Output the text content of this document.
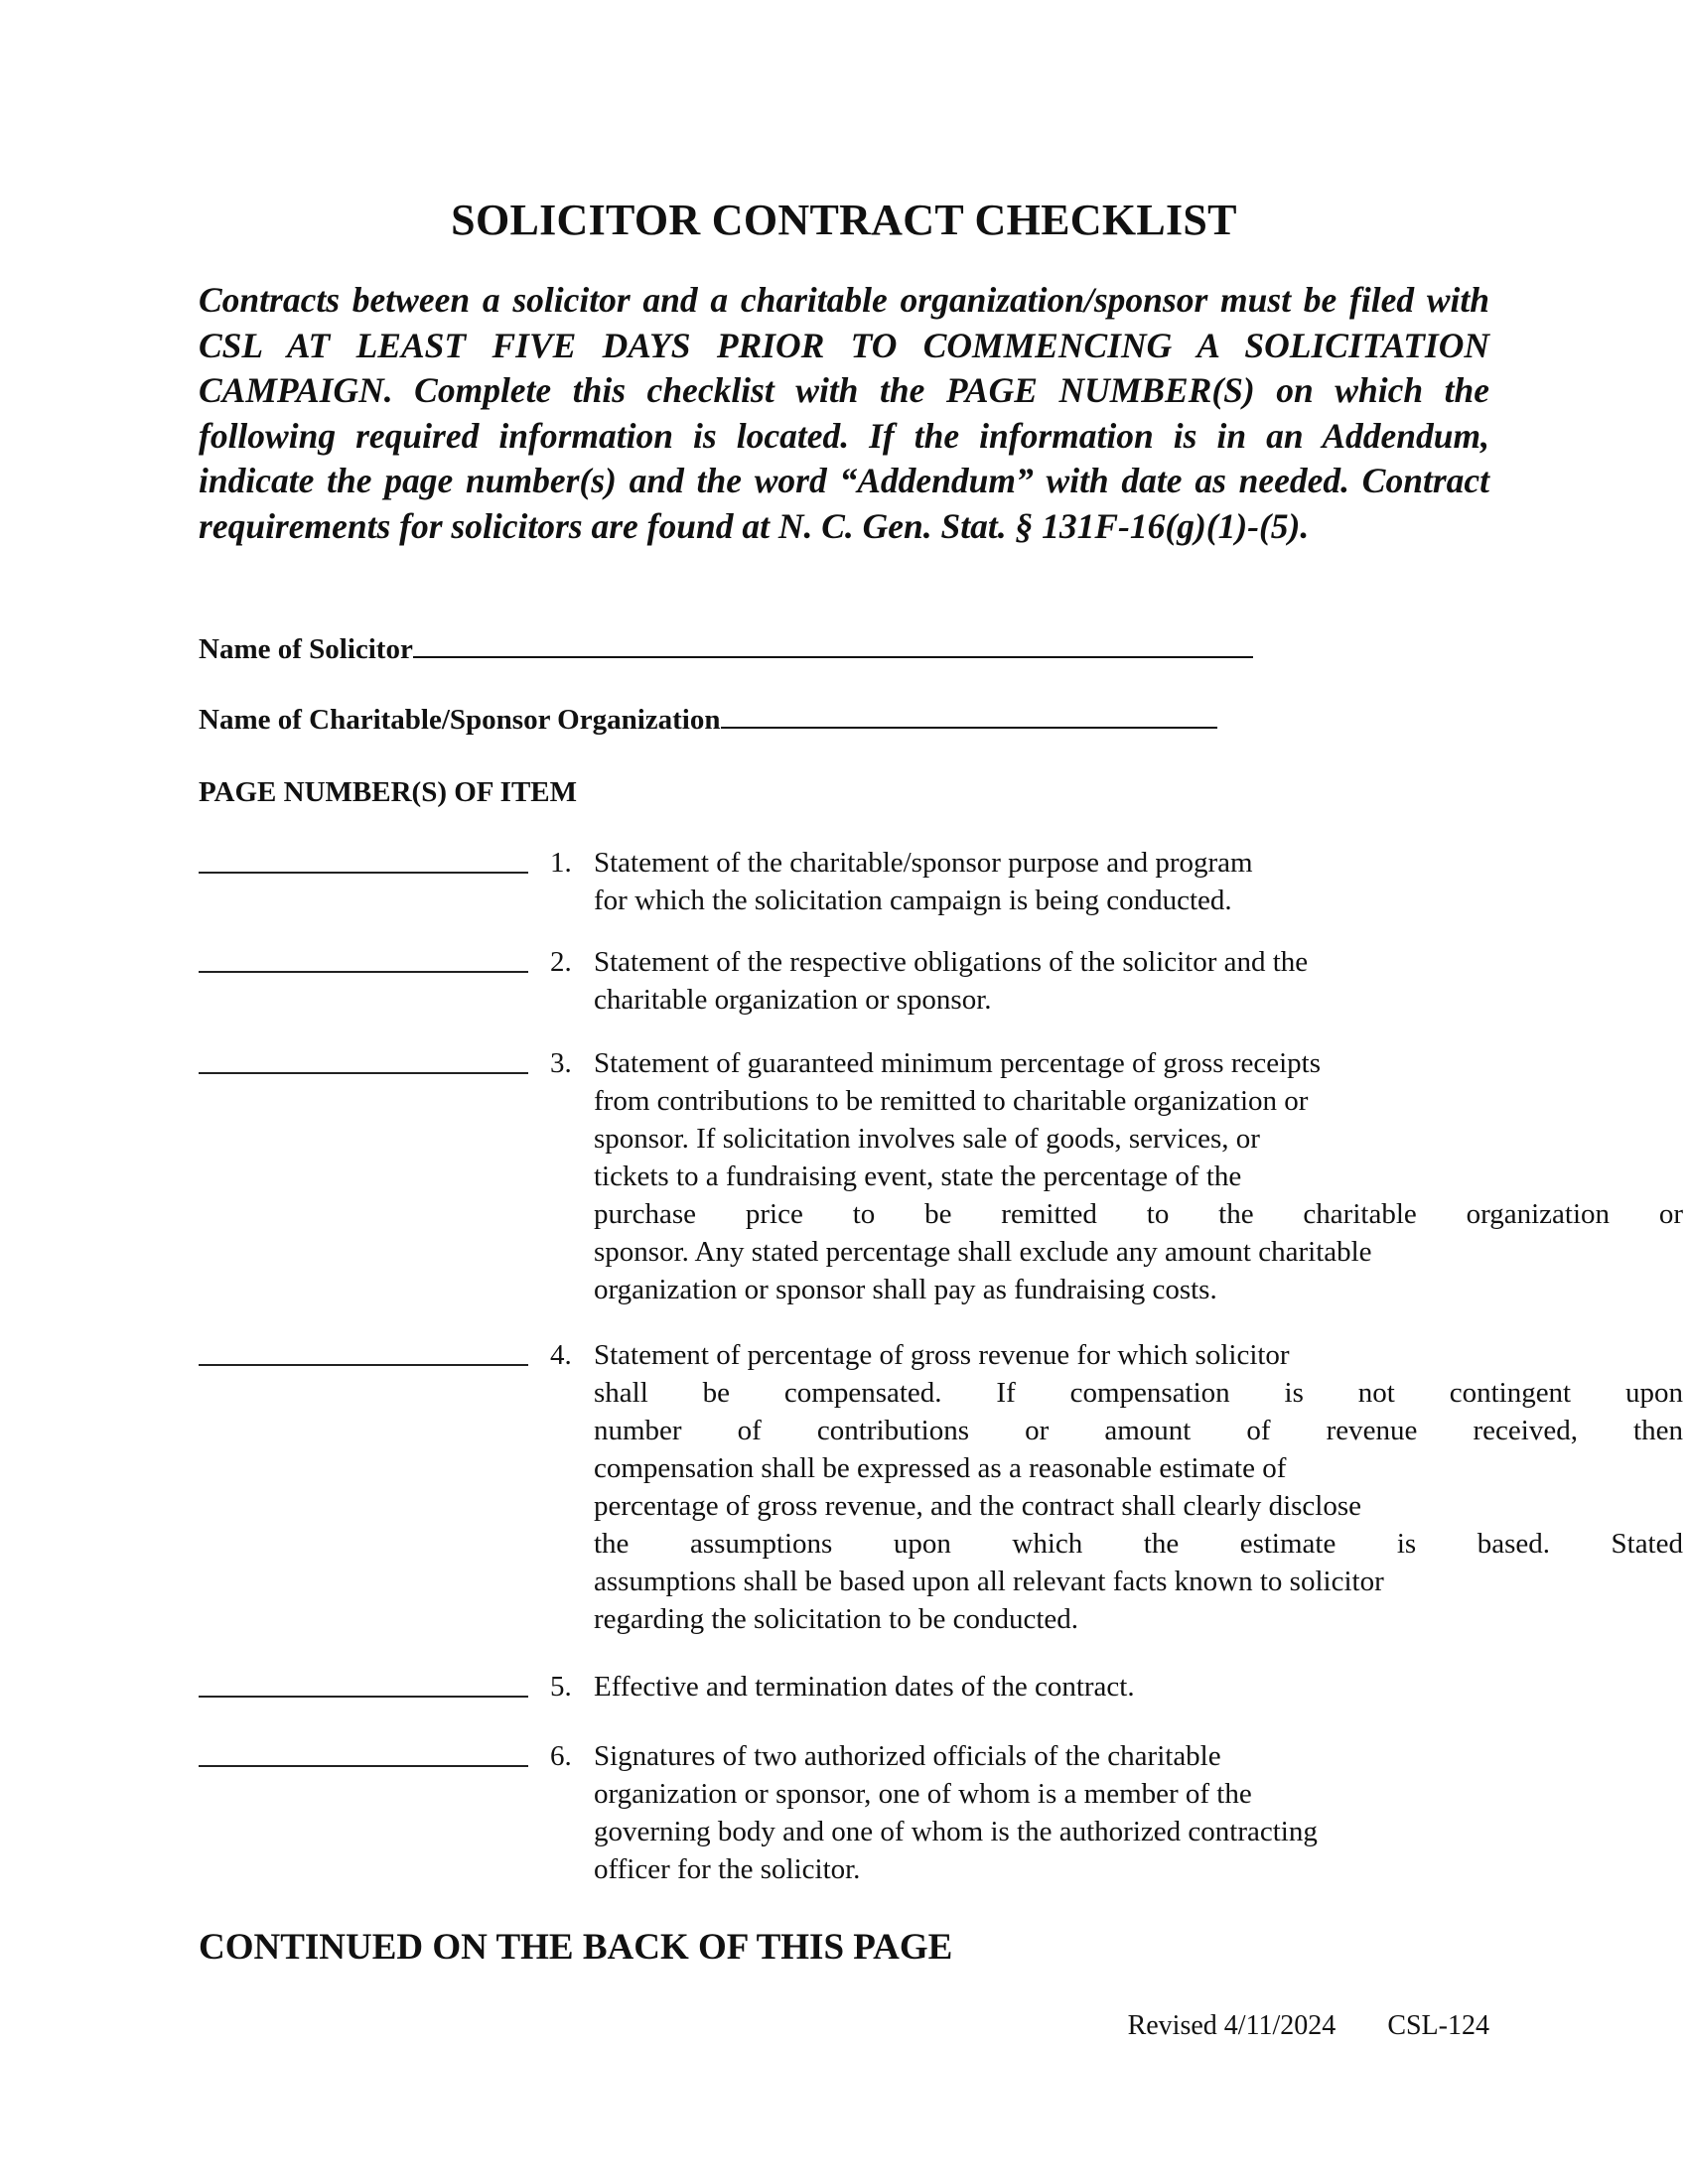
SOLICITOR CONTRACT CHECKLIST
Contracts between a solicitor and a charitable organization/sponsor must be filed with CSL AT LEAST FIVE DAYS PRIOR TO COMMENCING A SOLICITATION CAMPAIGN. Complete this checklist with the PAGE NUMBER(S) on which the following required information is located. If the information is in an Addendum, indicate the page number(s) and the word “Addendum” with date as needed. Contract requirements for solicitors are found at N. C. Gen. Stat. § 131F-16(g)(1)-(5).
Name of Solicitor
Name of Charitable/Sponsor Organization
PAGE NUMBER(S) OF ITEM
1. Statement of the charitable/sponsor purpose and program
for which the solicitation campaign is being conducted.
2. Statement of the respective obligations of the solicitor and the
charitable organization or sponsor.
3. Statement of guaranteed minimum percentage of gross receipts
from contributions to be remitted to charitable organization or
sponsor. If solicitation involves sale of goods, services, or
tickets to a fundraising event, state the percentage of the
purchase price to be remitted to the charitable organization or
sponsor. Any stated percentage shall exclude any amount charitable
organization or sponsor shall pay as fundraising costs.
4. Statement of percentage of gross revenue for which solicitor
shall be compensated. If compensation is not contingent upon
number of contributions or amount of revenue received, then
compensation shall be expressed as a reasonable estimate of
percentage of gross revenue, and the contract shall clearly disclose
the assumptions upon which the estimate is based. Stated
assumptions shall be based upon all relevant facts known to solicitor
regarding the solicitation to be conducted.
5. Effective and termination dates of the contract.
6. Signatures of two authorized officials of the charitable
organization or sponsor, one of whom is a member of the
governing body and one of whom is the authorized contracting
officer for the solicitor.
CONTINUED ON THE BACK OF THIS PAGE
Revised 4/11/2024 CSL-124
